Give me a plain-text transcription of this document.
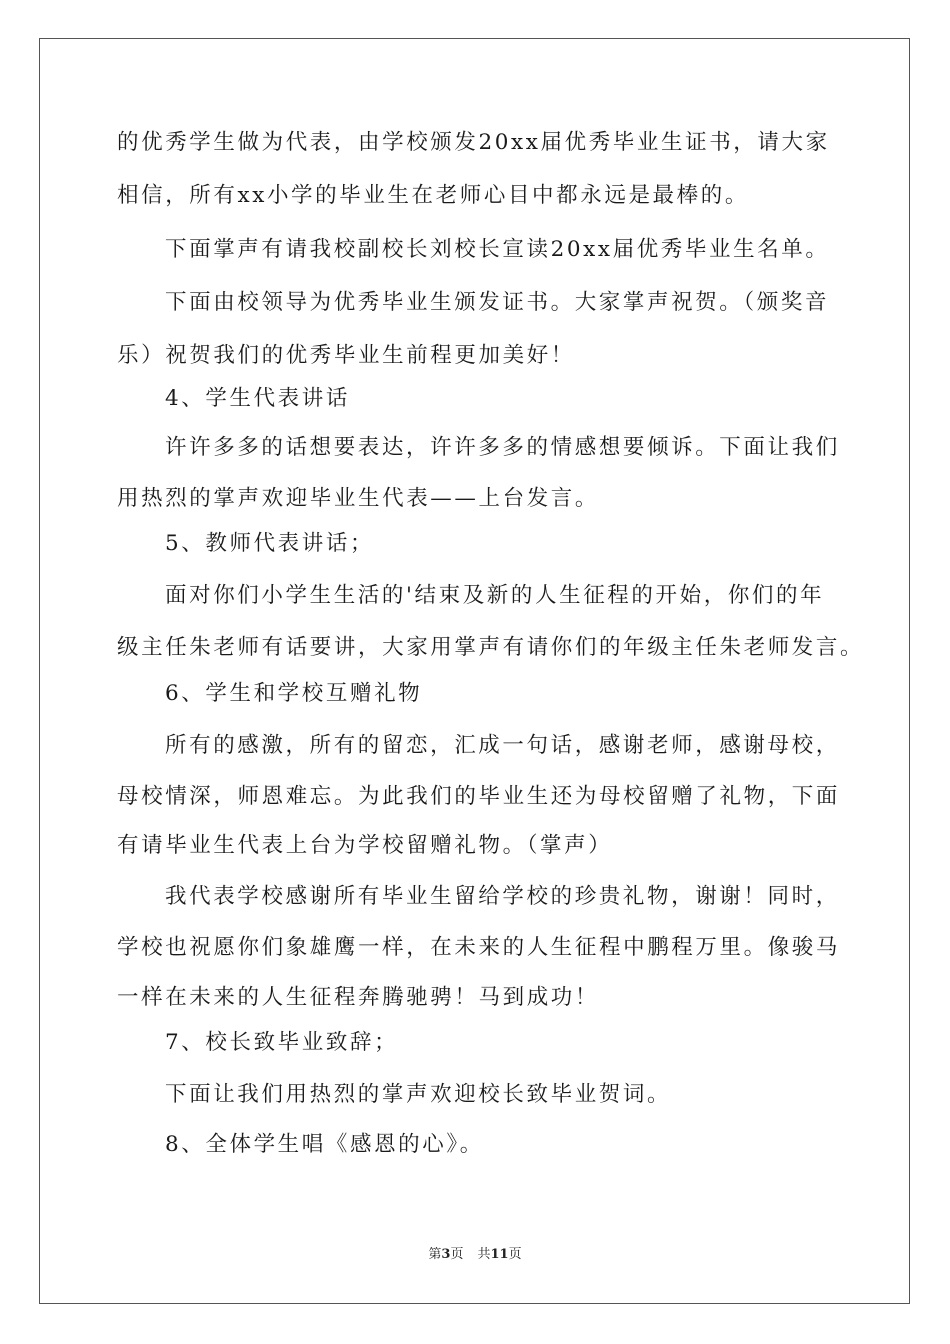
的优秀学生做为代表，由学校颁发20xx届优秀毕业生证书，请大家
相信，所有xx小学的毕业生在老师心目中都永远是最棒的。
下面掌声有请我校副校长刘校长宣读20xx届优秀毕业生名单。
下面由校领导为优秀毕业生颁发证书。大家掌声祝贺。（颁奖音
乐）祝贺我们的优秀毕业生前程更加美好！
4、学生代表讲话
许许多多的话想要表达，许许多多的情感想要倾诉。下面让我们
用热烈的掌声欢迎毕业生代表——上台发言。
5、教师代表讲话；
面对你们小学生生活的'结束及新的人生征程的开始，你们的年
级主任朱老师有话要讲，大家用掌声有请你们的年级主任朱老师发言。
6、学生和学校互赠礼物
所有的感激，所有的留恋，汇成一句话，感谢老师，感谢母校，
母校情深，师恩难忘。为此我们的毕业生还为母校留赠了礼物，下面
有请毕业生代表上台为学校留赠礼物。（掌声）
我代表学校感谢所有毕业生留给学校的珍贵礼物，谢谢！同时，
学校也祝愿你们象雄鹰一样，在未来的人生征程中鹏程万里。像骏马
一样在未来的人生征程奔腾驰骋！马到成功！
7、校长致毕业致辞；
下面让我们用热烈的掌声欢迎校长致毕业贺词。
8、全体学生唱《感恩的心》。
第3页 共11页
